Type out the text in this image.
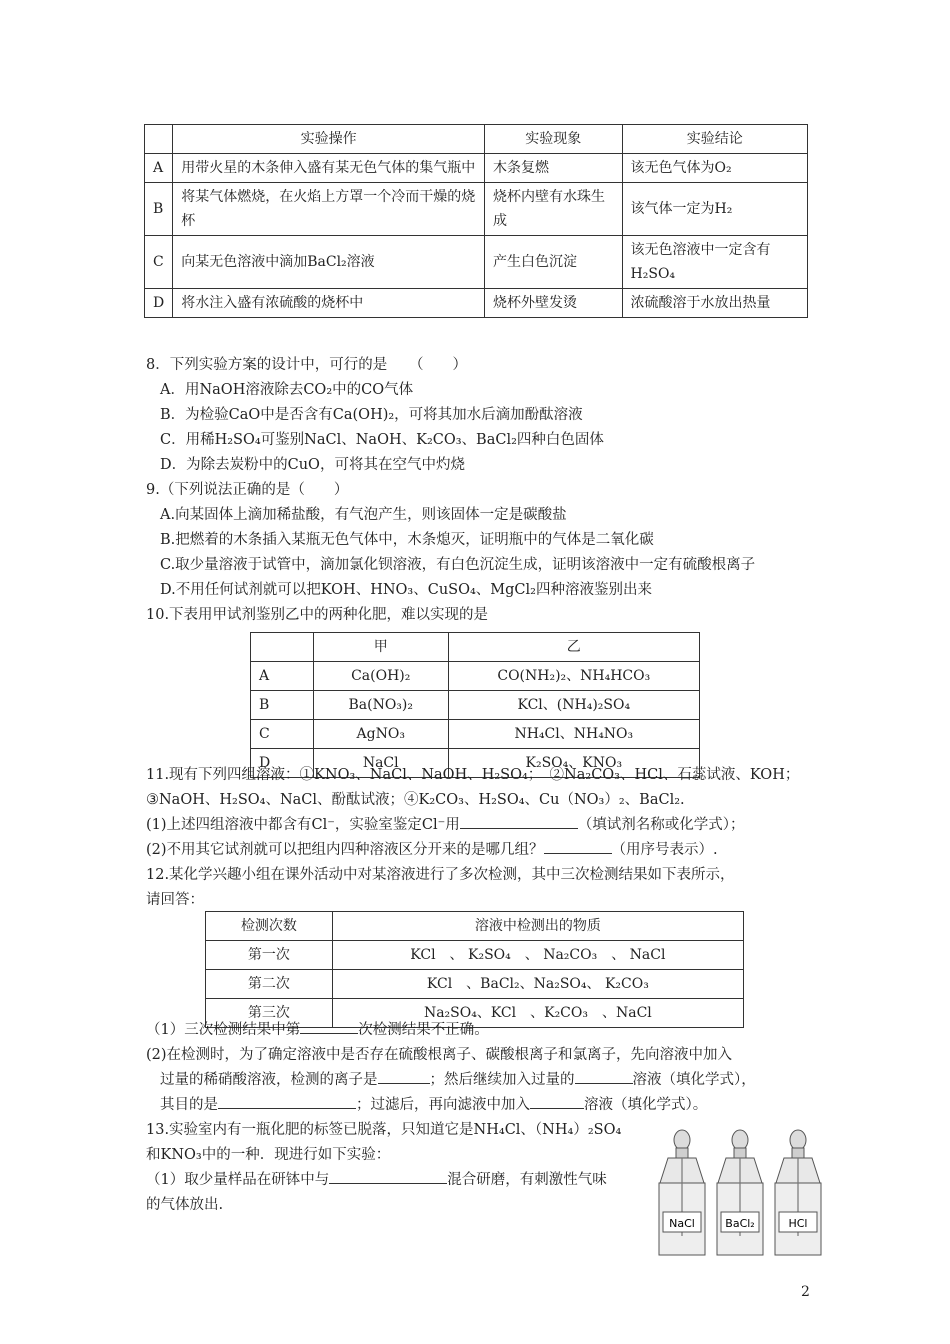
	实验操作	实验现象	实验结论
A	用带火星的木条伸入盛有某无色气体的集气瓶中	木条复燃	该无色气体为O₂
B	将某气体燃烧，在火焰上方罩一个冷而干燥的烧杯	烧杯内壁有水珠生成	该气体一定为H₂
C	向某无色溶液中滴加BaCl₂溶液	产生白色沉淀	该无色溶液中一定含有H₂SO₄
D	将水注入盛有浓硫酸的烧杯中	烧杯外壁发烫	浓硫酸溶于水放出热量
8．下列实验方案的设计中，可行的是　　（　　）
A．用NaOH溶液除去CO₂中的CO气体
B．为检验CaO中是否含有Ca(OH)₂，可将其加水后滴加酚酞溶液
C．用稀H₂SO₄可鉴别NaCl、NaOH、K₂CO₃、BaCl₂四种白色固体
D．为除去炭粉中的CuO，可将其在空气中灼烧
9.（下列说法正确的是（　　）
A.向某固体上滴加稀盐酸，有气泡产生，则该固体一定是碳酸盐
B.把燃着的木条插入某瓶无色气体中，木条熄灭，证明瓶中的气体是二氧化碳
C.取少量溶液于试管中，滴加氯化钡溶液，有白色沉淀生成，证明该溶液中一定有硫酸根离子
D.不用任何试剂就可以把KOH、HNO₃、CuSO₄、MgCl₂四种溶液鉴别出来
10.下表用甲试剂鉴别乙中的两种化肥，难以实现的是
	甲	乙
A	Ca(OH)₂	CO(NH₂)₂、NH₄HCO₃
B	Ba(NO₃)₂	KCl、(NH₄)₂SO₄
C	AgNO₃	NH₄Cl、NH₄NO₃
D	NaCl	K₂SO₄、KNO₃
11.现有下列四组溶液：①KNO₃、NaCl、NaOH、H₂SO₄；　②Na₂CO₃、HCl、石蕊试液、KOH；
③NaOH、H₂SO₄、NaCl、酚酞试液；④K₂CO₃、H₂SO₄、Cu（NO₃）₂、BaCl₂.
(1)上述四组溶液中都含有Cl⁻，实验室鉴定Cl⁻用	（填试剂名称或化学式）；
(2)不用其它试剂就可以把组内四种溶液区分开来的是哪几组？	（用序号表示）.
12.某化学兴趣小组在课外活动中对某溶液进行了多次检测，其中三次检测结果如下表所示，
请回答：
检测次数	溶液中检测出的物质
第一次	KCl　、 K₂SO₄　、 Na₂CO₃　、 NaCl
第二次	KCl　、BaCl₂、Na₂SO₄、 K₂CO₃
第三次	Na₂SO₄、KCl　、K₂CO₃　、NaCl
（1）三次检测结果中第	次检测结果不正确。
(2)在检测时，为了确定溶液中是否存在硫酸根离子、碳酸根离子和氯离子，先向溶液中加入
过量的稀硝酸溶液，检测的离子是	；然后继续加入过量的	溶液（填化学式），
其目的是	；过滤后，再向滤液中加入	溶液（填化学式）。
13.实验室内有一瓶化肥的标签已脱落，只知道它是NH₄Cl、（NH₄）₂SO₄
和KNO₃中的一种．现进行如下实验：
（1）取少量样品在研钵中与	混合研磨，有刺激性气味
的气体放出.
NaCl	BaCl₂	HCl
2
